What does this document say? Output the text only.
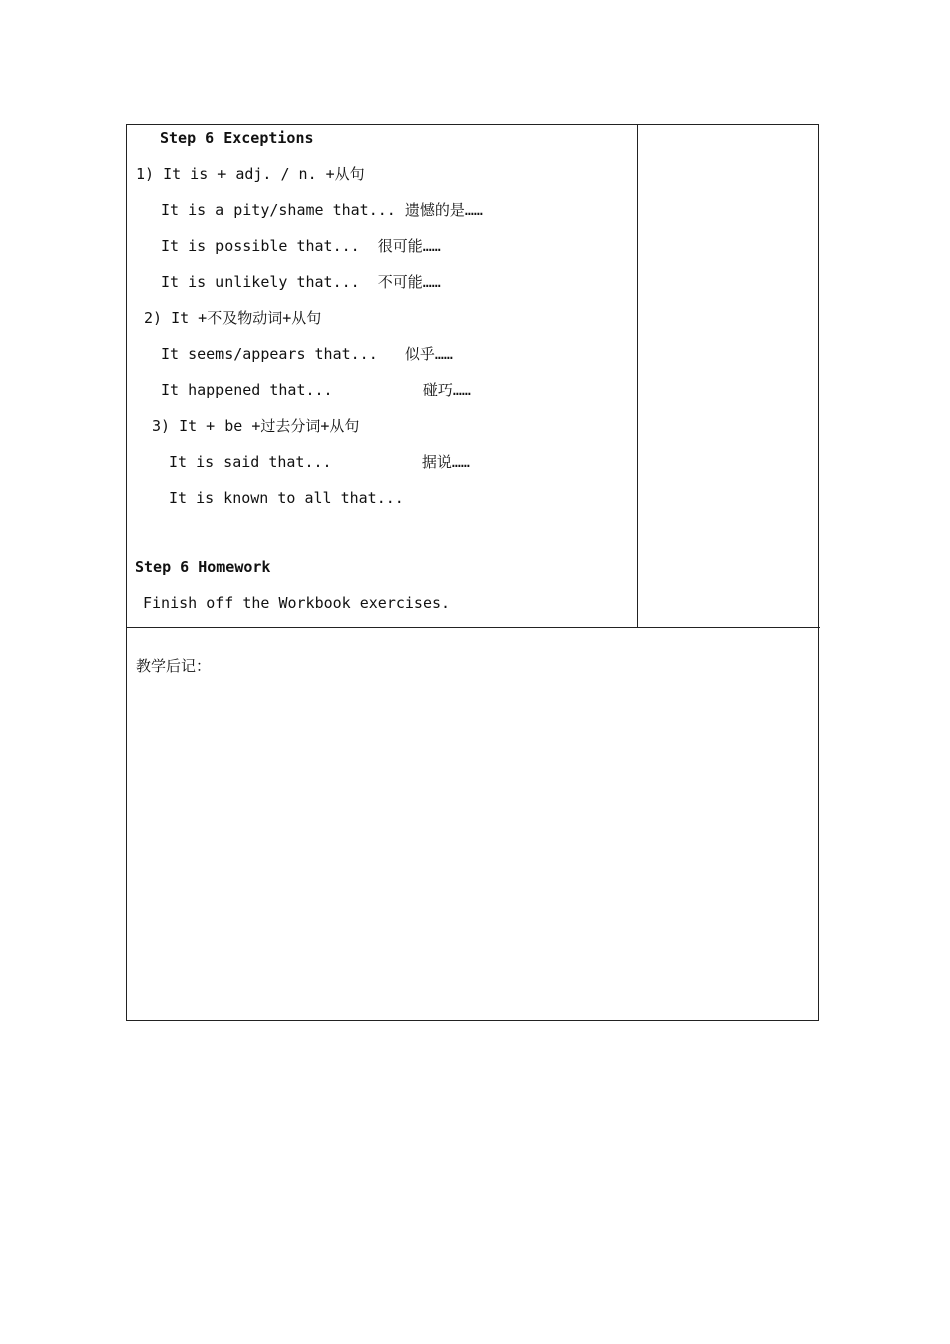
Step 6 Exceptions
1) It is + adj. / n. +从句
It is a pity/shame that... 遗憾的是……
It is possible that...  很可能……
It is unlikely that...  不可能……
2) It +不及物动词+从句
It seems/appears that...   似乎……
It happened that...          碰巧……
3) It + be +过去分词+从句
It is said that...          据说……
It is known to all that...
Step 6 Homework
Finish off the Workbook exercises.
教学后记：
